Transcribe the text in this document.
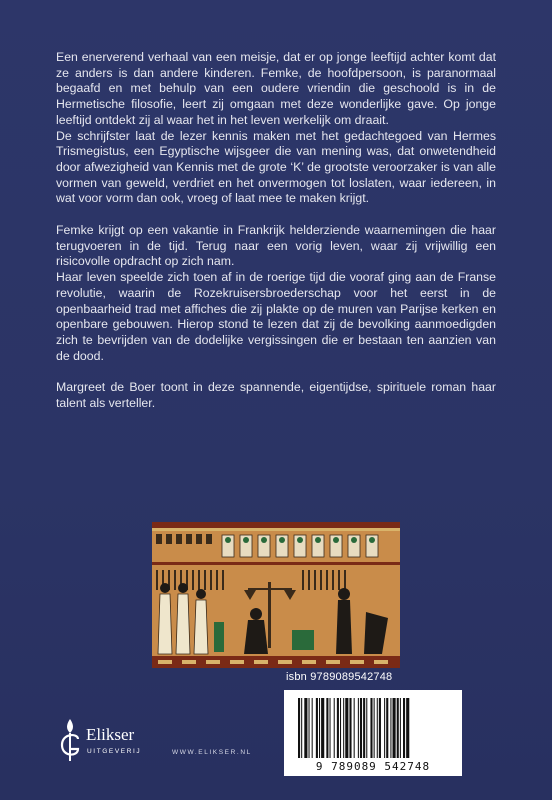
Een enerverend verhaal van een meisje, dat er op jonge leeftijd achter komt dat ze anders is dan andere kinderen. Femke, de hoofdpersoon, is paranormaal begaafd en met behulp van een oudere vriendin die geschoold is in de Hermetische filosofie, leert zij omgaan met deze wonderlijke gave. Op jonge leeftijd ontdekt zij al waar het in het leven werkelijk om draait.

De schrijfster laat de lezer kennis maken met het gedachtegoed van Hermes Trismegistus, een Egyptische wijsgeer die van mening was, dat onwetendheid door afwezigheid van Kennis met de grote ‘K’ de grootste veroorzaker is van alle vormen van geweld, verdriet en het onvermogen tot loslaten, waar iedereen, in wat voor vorm dan ook, vroeg of laat mee te maken krijgt.

Femke krijgt op een vakantie in Frankrijk helderziende waarnemingen die haar terugvoeren in de tijd. Terug naar een vorig leven, waar zij vrijwillig een risicovolle opdracht op zich nam.

Haar leven speelde zich toen af in de roerige tijd die vooraf ging aan de Franse revolutie, waarin de Rozekruisersbroederschap voor het eerst in de openbaarheid trad met affiches die zij plakte op de muren van Parijse kerken en openbare gebouwen. Hierop stond te lezen dat zij de bevolking aanmoedigden zich te bevrijden van de dodelijke vergissingen die er bestaan ten aanzien van de dood.

Margreet de Boer toont in deze spannende, eigentijdse, spirituele roman haar talent als verteller.

isbn 9789089542748
9 789089 542748
Elikser
UITGEVERIJ	WWW.ELIKSER.NL
